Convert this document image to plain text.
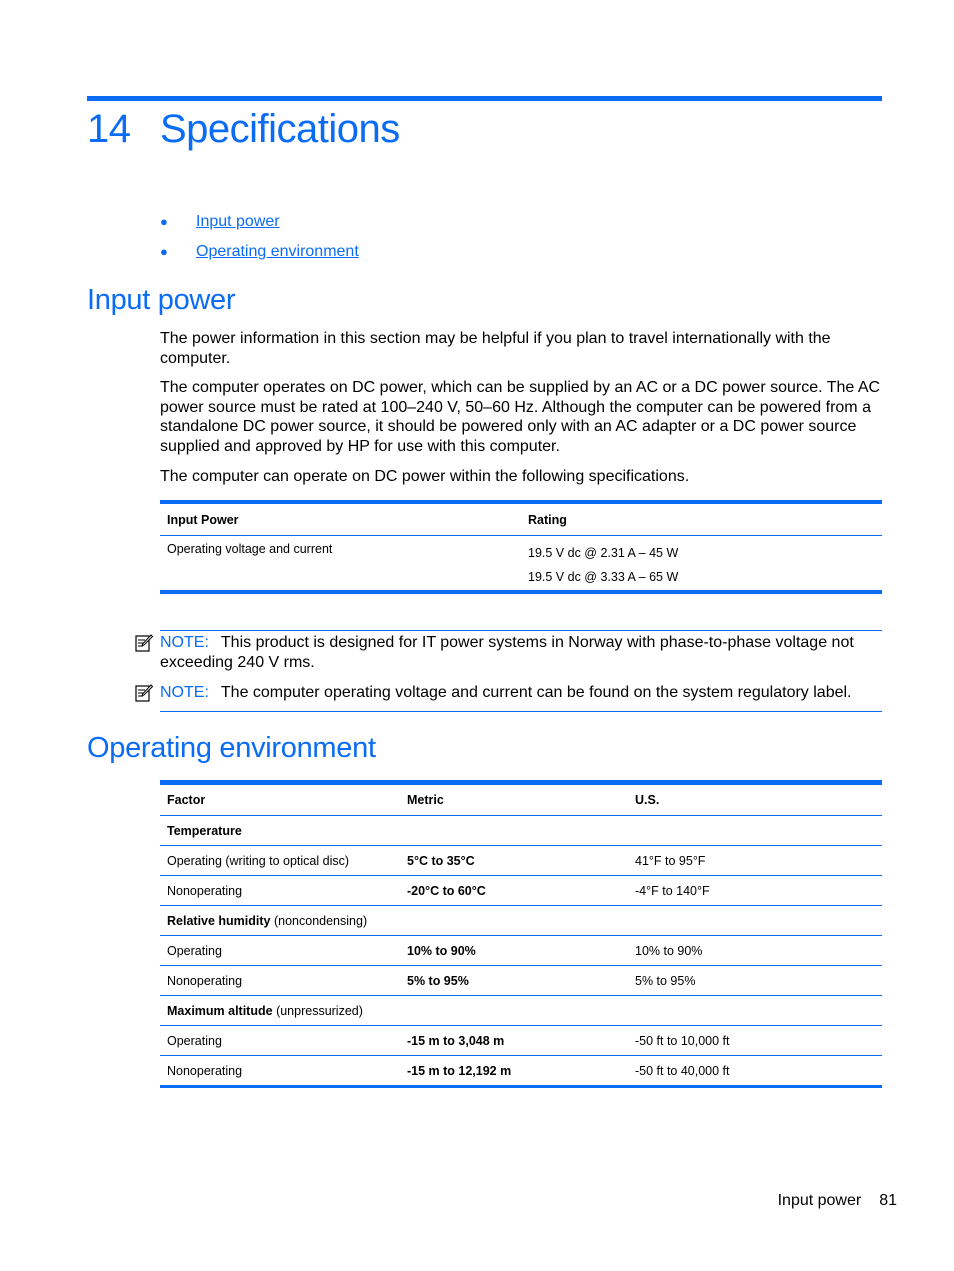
14 Specifications
● Input power
● Operating environment
Input power

The power information in this section may be helpful if you plan to travel internationally with the computer.

The computer operates on DC power, which can be supplied by an AC or a DC power source. The AC power source must be rated at 100–240 V, 50–60 Hz. Although the computer can be powered from a standalone DC power source, it should be powered only with an AC adapter or a DC power source supplied and approved by HP for use with this computer.

The computer can operate on DC power within the following specifications.

Input Power	Rating
Operating voltage and current	19.5 V dc @ 2.31 A – 45 W
	19.5 V dc @ 3.33 A – 65 W
NOTE: This product is designed for IT power systems in Norway with phase-to-phase voltage not exceeding 240 V rms.
NOTE: The computer operating voltage and current can be found on the system regulatory label.
Operating environment
Factor	Metric	U.S.
Temperature		
Operating (writing to optical disc)	5°C to 35°C	41°F to 95°F
Nonoperating	-20°C to 60°C	-4°F to 140°F
Relative humidity (noncondensing)		
Operating	10% to 90%	10% to 90%
Nonoperating	5% to 95%	5% to 95%
Maximum altitude (unpressurized)		
Operating	-15 m to 3,048 m	-50 ft to 10,000 ft
Nonoperating	-15 m to 12,192 m	-50 ft to 40,000 ft
Input power 81
